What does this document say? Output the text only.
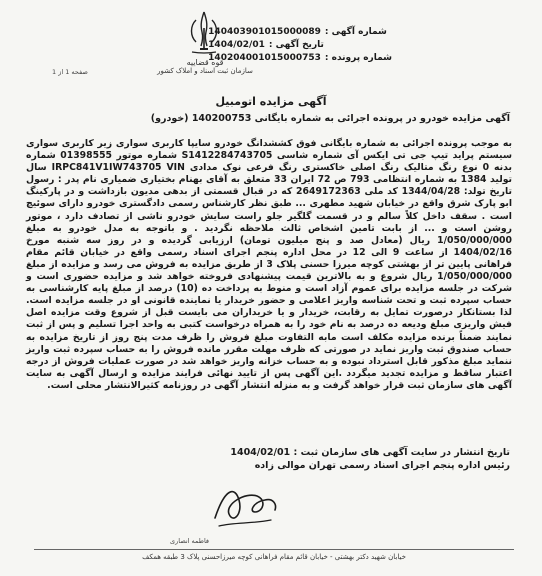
شماره آگهی :
140403901015000089
تاریخ آگهی :
1404/02/01
شماره پرونده :
140204001015000753
قوه قضاییه
سازمان ثبت اسناد و املاک کشور
صفحه 1 از 1
آگهی مزایده اتومبیل
آگهی مزایده خودرو در پرونده اجرائی به شماره بایگانی 140200753 (خودرو)

به موجب پرونده اجرائی به شماره بایگانی فوق کششدانگ خودرو سایپا کاربری سواری زیر کاربری سواری سیستم پراید تیپ جی تی ایکس آی شماره شاسی S1412284743705 شماره موتور 01398555 شماره بدنه 0 نوع رنگ متالیک رنگ اصلی خاکستری رنگ فرعی نوک مدادی IRPC841V1IW743705 VIN سال تولید 1384 به شماره انتظامی 793 ص 72 ایران 33 متعلق به آقای بهنام بختیاری ضمیاری نام پدر : رسول تاریخ تولد: 1344/04/28 کد ملی 2649172363 که در قبال قسمتی از بدهی مدیون بازداشت و در پارکینگ ابو پارک شرق واقع در خیابان شهید مطهری ... طبق نظر کارشناس رسمی دادگستری خودرو دارای سوئیچ است . سقف داخل کلاً سالم و در قسمت گلگیر جلو راست سایش خودرو ناشی از تصادف دارد ، موتور روشن است و ... از بابت تامین اشخاص ثالث ملاحظه نگردید . و باتوجه به مدل خودرو به مبلغ 1/050/000/000 ریال (معادل صد و پنج میلیون تومان) ارزیابی گردیده و در روز سه شنبه مورخ 1404/02/16 از ساعت 9 الی 12 در محل اداره پنجم اجرای اسناد رسمی واقع در خیابان قائم مقام فراهانی پایین تر از بهشتی کوچه میرزا حسنی پلاک 3 از طریق مزایده به فروش می رسد و مزایده از مبلغ 1/050/000/000 ریال شروع و به بالاترین قیمت پیشنهادی فروخته خواهد شد و مزایده حضوری است و شرکت در جلسه مزایده برای عموم آزاد است و منوط به پرداخت ده (10) درصد از مبلغ پایه کارشناسی به حساب سپرده ثبت و تحت شناسه واریز اعلامی و حضور خریدار یا نماینده قانونی او در جلسه مزایده است. لذا بستانکار درصورت تمایل به رقابت، خریدار و یا خریداران می بایست قبل از شروع وقت مزایده اصل فیش واریزی مبلغ ودیعه ده درصد به نام خود را به همراه درخواست کتبی به واحد اجرا تسلیم و پس از ثبت نمایند ضمناً برنده مزایده مکلف است مابه التفاوت مبلغ فروش را ظرف مدت پنج روز از تاریخ مزایده به حساب صندوق ثبت واریز نماید در صورتی که ظرف مهلت مقرر مانده فروش را به حساب سپرده ثبت واریز ننماید مبلغ مذکور قابل استرداد نبوده و به حساب خزانه واریز خواهد شد در صورت عملیات فروش از درجه اعتبار ساقط و مزایده تجدید میگردد .این آگهی پس از تایید نهائی فرایند مزایده و ارسال آگهی به سایت آگهی های سازمان ثبت قرار خواهد گرفت و به منزله انتشار آگهی در روزنامه کثیرالانتشار محلی است.

تاریخ انتشار در سایت آگهی های سازمان ثبت : 1404/02/01
رئیس اداره پنجم اجرای اسناد رسمی تهران موالی زاده
فاطمه انصاری
خیابان شهید دکتر بهشتی - خیابان قائم مقام فراهانی کوچه میرزاحسنی پلاک 3 طبقه همکف
